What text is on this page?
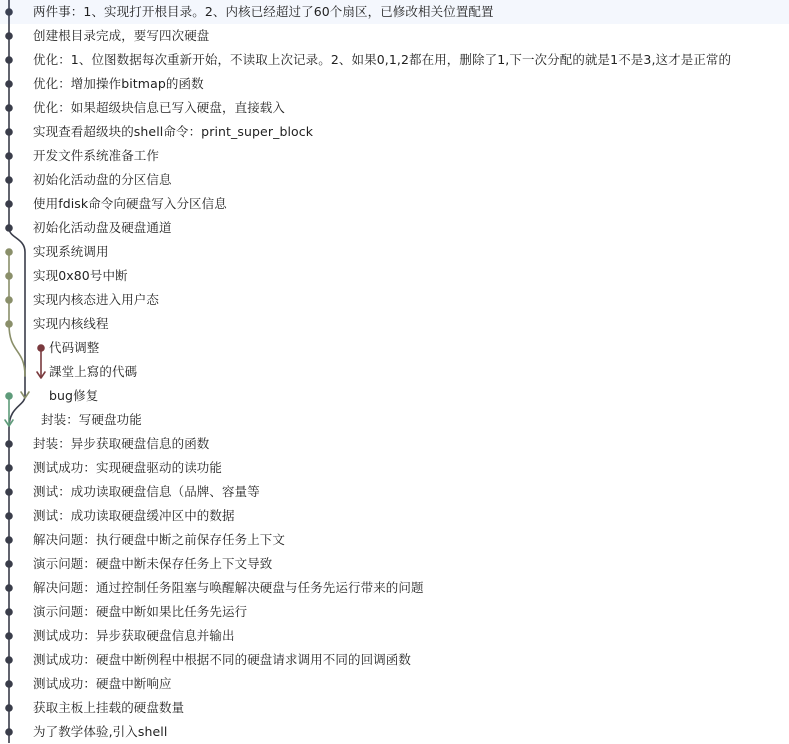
两件事：1、实现打开根目录。2、内核已经超过了60个扇区，已修改相关位置配置
创建根目录完成，要写四次硬盘
优化：1、位图数据每次重新开始，不读取上次记录。2、如果0,1,2都在用，删除了1,下一次分配的就是1不是3,这才是正常的
优化：增加操作bitmap的函数
优化：如果超级块信息已写入硬盘，直接载入
实现查看超级块的shell命令：print_super_block
开发文件系统准备工作
初始化活动盘的分区信息
使用fdisk命令向硬盘写入分区信息
初始化活动盘及硬盘通道
实现系统调用
实现0x80号中断
实现内核态进入用户态
实现内核线程
代码调整
課堂上寫的代碼
bug修复
封装：写硬盘功能
封装：异步获取硬盘信息的函数
测试成功：实现硬盘驱动的读功能
测试：成功读取硬盘信息（品牌、容量等
测试：成功读取硬盘缓冲区中的数据
解决问题：执行硬盘中断之前保存任务上下文
演示问题：硬盘中断未保存任务上下文导致
解决问题：通过控制任务阻塞与唤醒解决硬盘与任务先运行带来的问题
演示问题：硬盘中断如果比任务先运行
测试成功：异步获取硬盘信息并输出
测试成功：硬盘中断例程中根据不同的硬盘请求调用不同的回调函数
测试成功：硬盘中断响应
获取主板上挂载的硬盘数量
为了教学体验,引入shell
